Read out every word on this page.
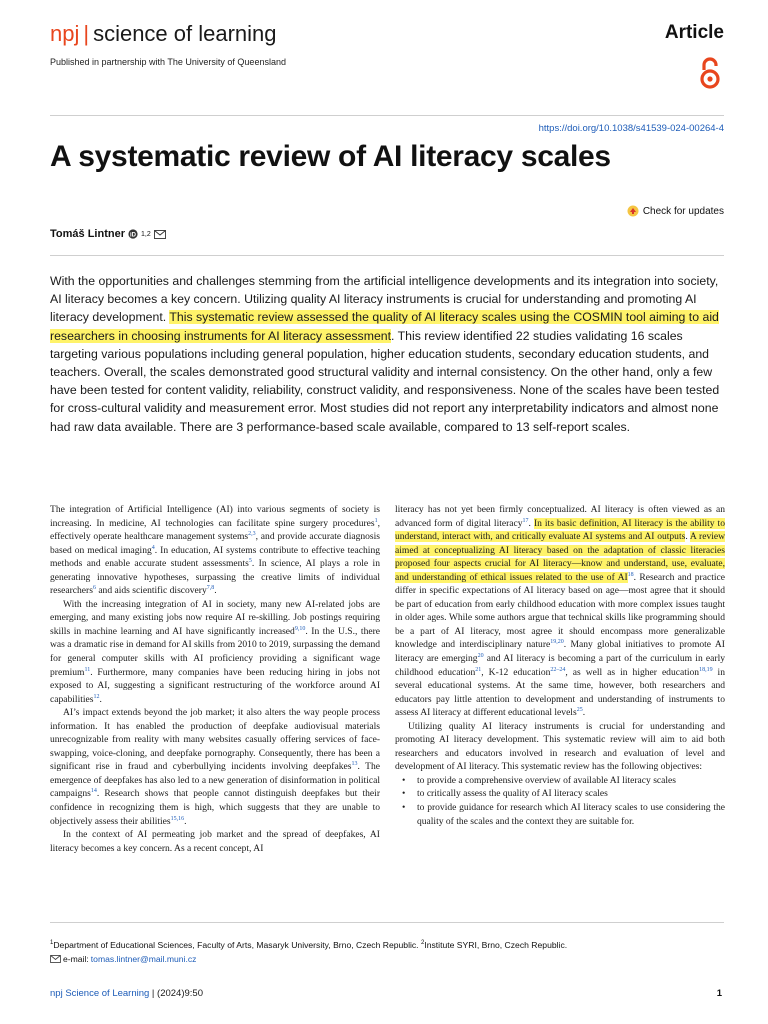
npj | science of learning	Article
Published in partnership with The University of Queensland
https://doi.org/10.1038/s41539-024-00264-4
A systematic review of AI literacy scales
Check for updates
Tomáš Lintner iD 1,2
With the opportunities and challenges stemming from the artificial intelligence developments and its integration into society, AI literacy becomes a key concern. Utilizing quality AI literacy instruments is crucial for understanding and promoting AI literacy development. This systematic review assessed the quality of AI literacy scales using the COSMIN tool aiming to aid researchers in choosing instruments for AI literacy assessment. This review identified 22 studies validating 16 scales targeting various populations including general population, higher education students, secondary education students, and teachers. Overall, the scales demonstrated good structural validity and internal consistency. On the other hand, only a few have been tested for content validity, reliability, construct validity, and responsiveness. None of the scales have been tested for cross-cultural validity and measurement error. Most studies did not report any interpretability indicators and almost none had raw data available. There are 3 performance-based scale available, compared to 13 self-report scales.

The integration of Artificial Intelligence (AI) into various segments of society is increasing. In medicine, AI technologies can facilitate spine surgery procedures$^1$, effectively operate healthcare management systems$^{2,3}$, and provide accurate diagnosis based on medical imaging$^4$. In education, AI systems contribute to effective teaching methods and enable accurate student assessments$^5$. In science, AI plays a role in generating innovative hypotheses, surpassing the creative limits of individual researchers$^6$ and aids scientific discovery$^{7,8}$.

With the increasing integration of AI in society, many new AI-related jobs are emerging, and many existing jobs now require AI re-skilling. Job postings requiring skills in machine learning and AI have significantly increased$^{9,10}$. In the U.S., there was a dramatic rise in demand for AI skills from 2010 to 2019, surpassing the demand for general computer skills with AI proficiency providing a significant wage premium$^{11}$. Furthermore, many companies have been reducing hiring in jobs not exposed to AI, suggesting a significant restructuring of the workforce around AI capabilities$^{12}$.

AI’s impact extends beyond the job market; it also alters the way people process information. It has enabled the production of deepfake audiovisual materials unrecognizable from reality with many websites casually offering services of face-swapping, voice-cloning, and deepfake pornography. Consequently, there has been a significant rise in fraud and cyberbullying incidents involving deepfakes$^{13}$. The emergence of deepfakes has also led to a new generation of disinformation in political campaigns$^{14}$. Research shows that people cannot distinguish deepfakes but their confidence in recognizing them is high, which suggests that they are unable to objectively assess their abilities$^{15,16}$.

In the context of AI permeating job market and the spread of deepfakes, AI literacy becomes a key concern. As a recent concept, AI

literacy has not yet been firmly conceptualized. AI literacy is often viewed as an advanced form of digital literacy$^{17}$. In its basic definition, AI literacy is the ability to understand, interact with, and critically evaluate AI systems and AI outputs. A review aimed at conceptualizing AI literacy based on the adaptation of classic literacies proposed four aspects crucial for AI literacy—know and understand, use, evaluate, and understanding of ethical issues related to the use of AI$^{18}$. Research and practice differ in specific expectations of AI literacy based on age—most agree that it should be part of education from early childhood education with more complex issues taught in older ages. While some authors argue that technical skills like programming should be a part of AI literacy, most agree it should encompass more generalizable knowledge and interdisciplinary nature$^{19,20}$. Many global initiatives to promote AI literacy are emerging$^{20}$ and AI literacy is becoming a part of the curriculum in early childhood education$^{21}$, K-12 education$^{22-24}$, as well as in higher education$^{18,19}$ in several educational systems. At the same time, however, both researchers and educators pay little attention to development and understanding of instruments to assess AI literacy at different educational levels$^{25}$.

Utilizing quality AI literacy instruments is crucial for understanding and promoting AI literacy development. This systematic review will aim to aid both researchers and educators involved in research and evaluation of level and development of AI literacy. This systematic review has the following objectives:

• to provide a comprehensive overview of available AI literacy scales
• to critically assess the quality of AI literacy scales
• to provide guidance for research which AI literacy scales to use considering the quality of the scales and the context they are suitable for.
$^1$Department of Educational Sciences, Faculty of Arts, Masaryk University, Brno, Czech Republic. $^2$Institute SYRI, Brno, Czech Republic.
e-mail: tomas.lintner@mail.muni.cz
npj Science of Learning | (2024)9:50	1
